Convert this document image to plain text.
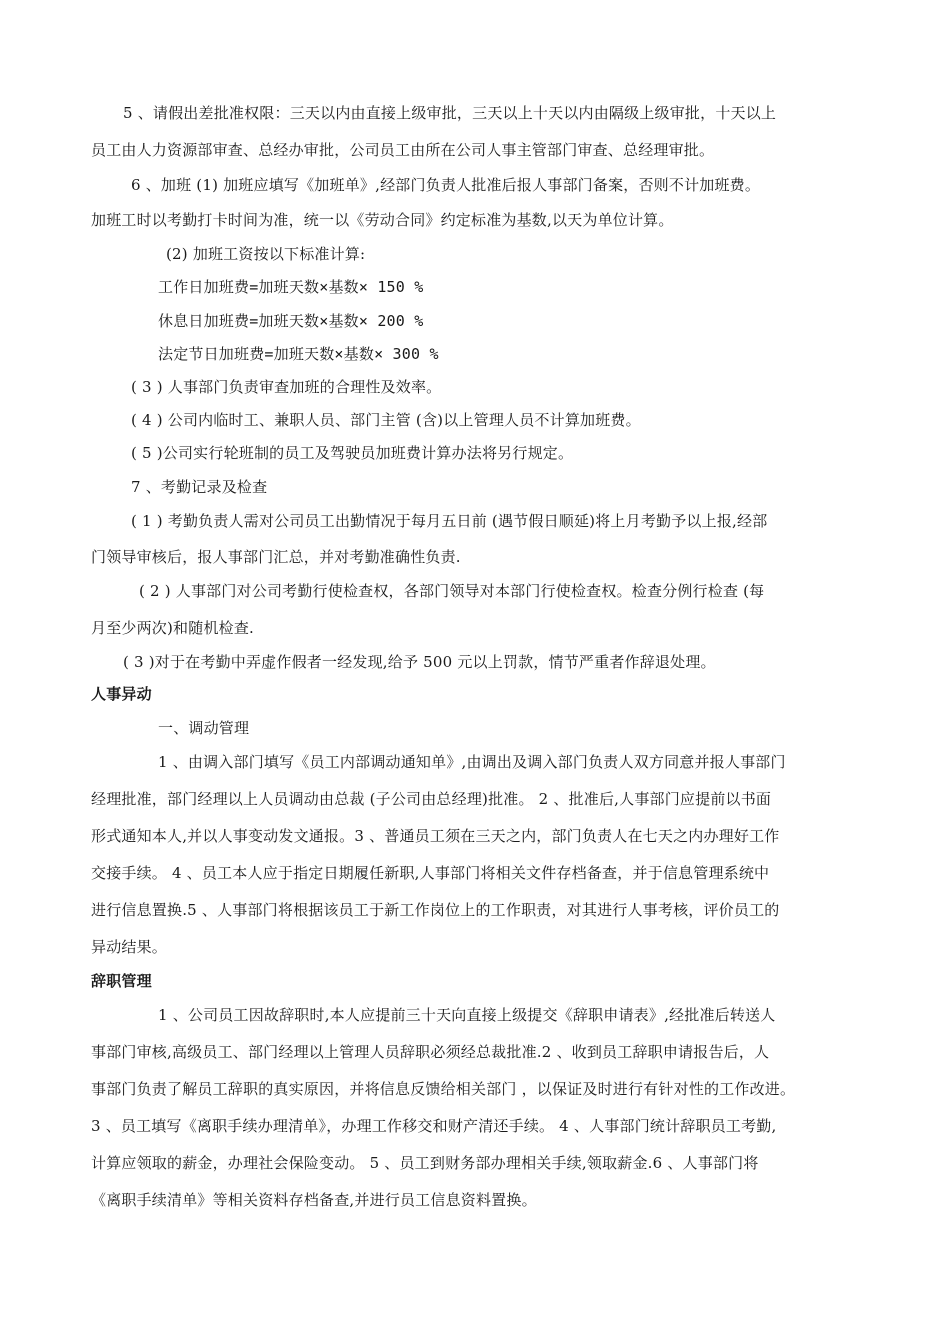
5 、请假出差批准权限：三天以内由直接上级审批，三天以上十天以内由隔级上级审批，十天以上
员工由人力资源部审查、总经办审批，公司员工由所在公司人事主管部门审查、总经理审批。
6 、加班 (1) 加班应填写《加班单》,经部门负责人批准后报人事部门备案，否则不计加班费。
加班工时以考勤打卡时间为准，统一以《劳动合同》约定标准为基数,以天为单位计算。
(2) 加班工资按以下标准计算:
工作日加班费=加班天数×基数× 150 %
休息日加班费=加班天数×基数× 200 %
法定节日加班费=加班天数×基数× 300 %
( 3 ) 人事部门负责审查加班的合理性及效率。
( 4 ) 公司内临时工、兼职人员、部门主管 (含)以上管理人员不计算加班费。
( 5 )公司实行轮班制的员工及驾驶员加班费计算办法将另行规定。
7 、考勤记录及检查
( 1 ) 考勤负责人需对公司员工出勤情况于每月五日前 (遇节假日顺延)将上月考勤予以上报,经部
门领导审核后，报人事部门汇总，并对考勤准确性负责.
( 2 ) 人事部门对公司考勤行使检查权，各部门领导对本部门行使检查权。检查分例行检查 (每
月至少两次)和随机检查.
( 3 )对于在考勤中弄虚作假者一经发现,给予 500 元以上罚款，情节严重者作辞退处理。
人事异动
一、调动管理
1 、由调入部门填写《员工内部调动通知单》,由调出及调入部门负责人双方同意并报人事部门
经理批准，部门经理以上人员调动由总裁 (子公司由总经理)批准。 2 、批准后,人事部门应提前以书面
形式通知本人,并以人事变动发文通报。3 、普通员工须在三天之内，部门负责人在七天之内办理好工作
交接手续。 4 、员工本人应于指定日期履任新职,人事部门将相关文件存档备查，并于信息管理系统中
进行信息置换.5 、人事部门将根据该员工于新工作岗位上的工作职责，对其进行人事考核，评价员工的
异动结果。
辞职管理
1 、公司员工因故辞职时,本人应提前三十天向直接上级提交《辞职申请表》,经批准后转送人
事部门审核,高级员工、部门经理以上管理人员辞职必须经总裁批准.2 、收到员工辞职申请报告后，人
事部门负责了解员工辞职的真实原因，并将信息反馈给相关部门 ，以保证及时进行有针对性的工作改进。
3 、员工填写《离职手续办理清单》，办理工作移交和财产清还手续。 4 、人事部门统计辞职员工考勤,
计算应领取的薪金，办理社会保险变动。 5 、员工到财务部办理相关手续,领取薪金.6 、人事部门将
《离职手续清单》等相关资料存档备查,并进行员工信息资料置换。
